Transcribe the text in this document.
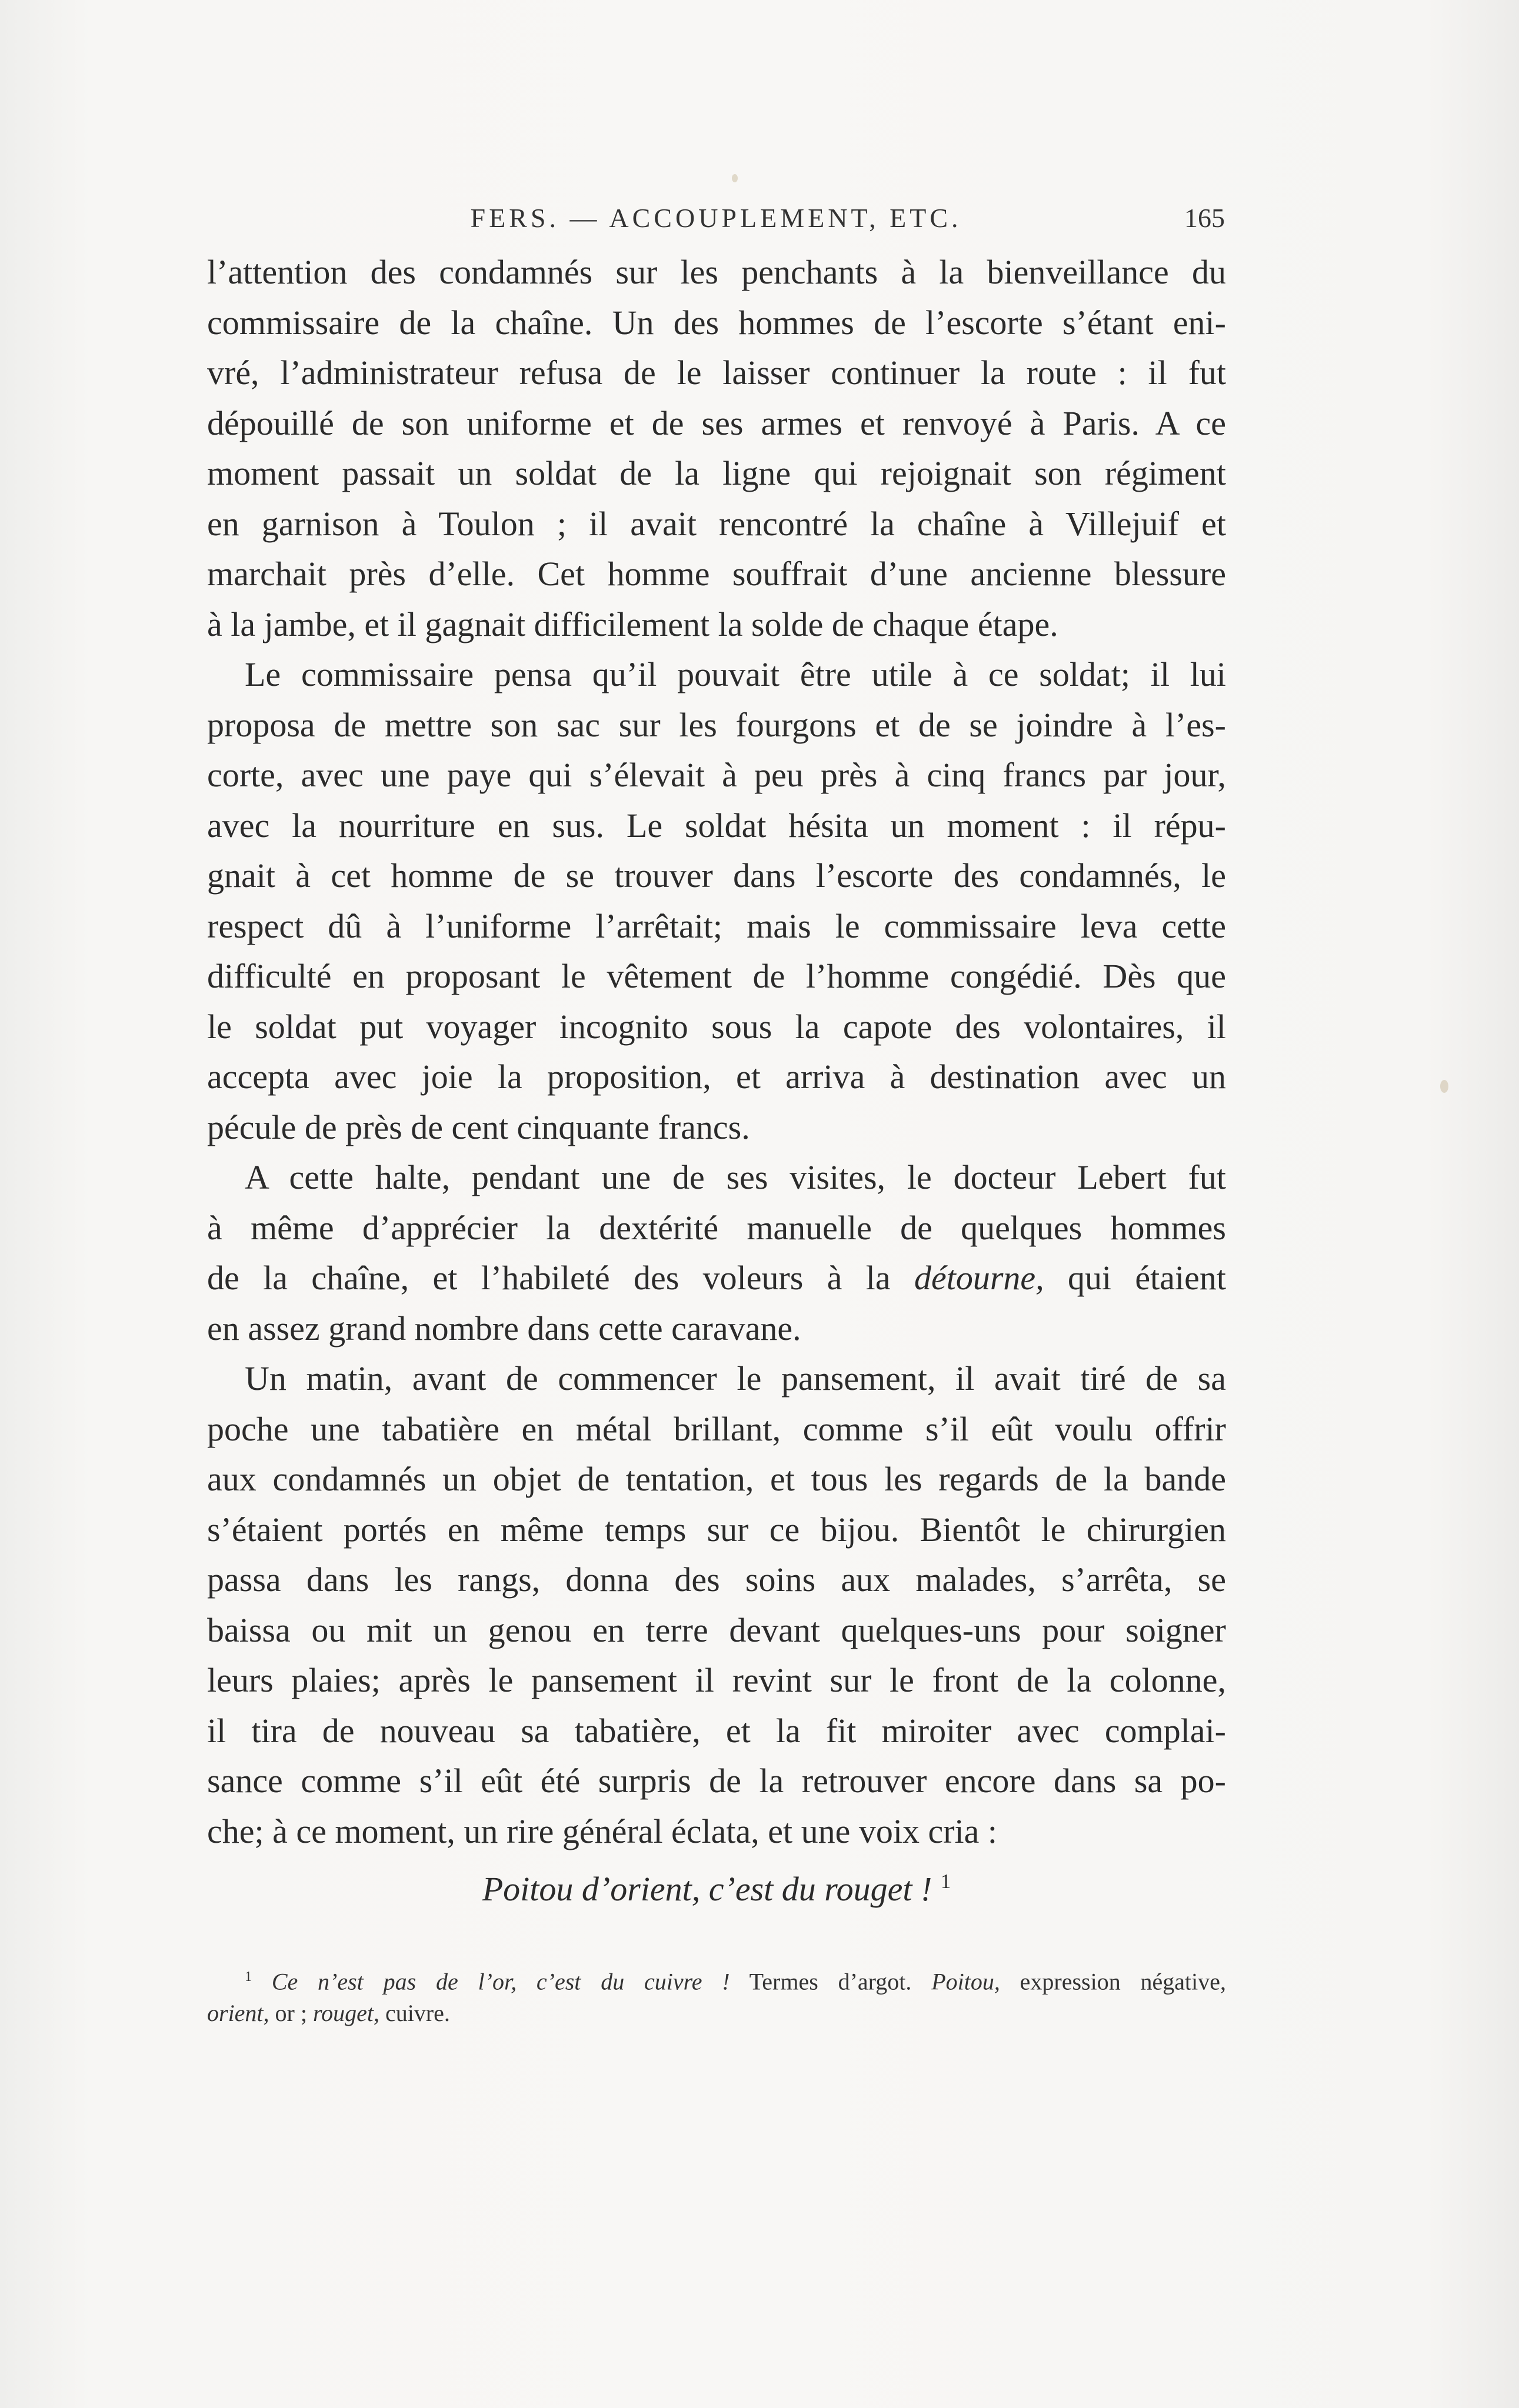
FERS. — ACCOUPLEMENT, ETC.	165
l’attention des condamnés sur les penchants à la bienveillance du
commissaire de la chaîne. Un des hommes de l’escorte s’étant eni-
vré, l’administrateur refusa de le laisser continuer la route : il fut
dépouillé de son uniforme et de ses armes et renvoyé à Paris. A ce
moment passait un soldat de la ligne qui rejoignait son régiment
en garnison à Toulon ; il avait rencontré la chaîne à Villejuif et
marchait près d’elle. Cet homme souffrait d’une ancienne blessure
à la jambe, et il gagnait difficilement la solde de chaque étape.
Le commissaire pensa qu’il pouvait être utile à ce soldat; il lui
proposa de mettre son sac sur les fourgons et de se joindre à l’es-
corte, avec une paye qui s’élevait à peu près à cinq francs par jour,
avec la nourriture en sus. Le soldat hésita un moment : il répu-
gnait à cet homme de se trouver dans l’escorte des condamnés, le
respect dû à l’uniforme l’arrêtait; mais le commissaire leva cette
difficulté en proposant le vêtement de l’homme congédié. Dès que
le soldat put voyager incognito sous la capote des volontaires, il
accepta avec joie la proposition, et arriva à destination avec un
pécule de près de cent cinquante francs.
A cette halte, pendant une de ses visites, le docteur Lebert fut
à même d’apprécier la dextérité manuelle de quelques hommes
de la chaîne, et l’habileté des voleurs à la détourne, qui étaient
en assez grand nombre dans cette caravane.
Un matin, avant de commencer le pansement, il avait tiré de sa
poche une tabatière en métal brillant, comme s’il eût voulu offrir
aux condamnés un objet de tentation, et tous les regards de la bande
s’étaient portés en même temps sur ce bijou. Bientôt le chirurgien
passa dans les rangs, donna des soins aux malades, s’arrêta, se
baissa ou mit un genou en terre devant quelques-uns pour soigner
leurs plaies; après le pansement il revint sur le front de la colonne,
il tira de nouveau sa tabatière, et la fit miroiter avec complai-
sance comme s’il eût été surpris de la retrouver encore dans sa po-
che; à ce moment, un rire général éclata, et une voix cria :
Poitou d’orient, c’est du rouget ! $^1$
$^1$ Ce n’est pas de l’or, c’est du cuivre ! Termes d’argot. Poitou, expression négative,
orient, or ; rouget, cuivre.
